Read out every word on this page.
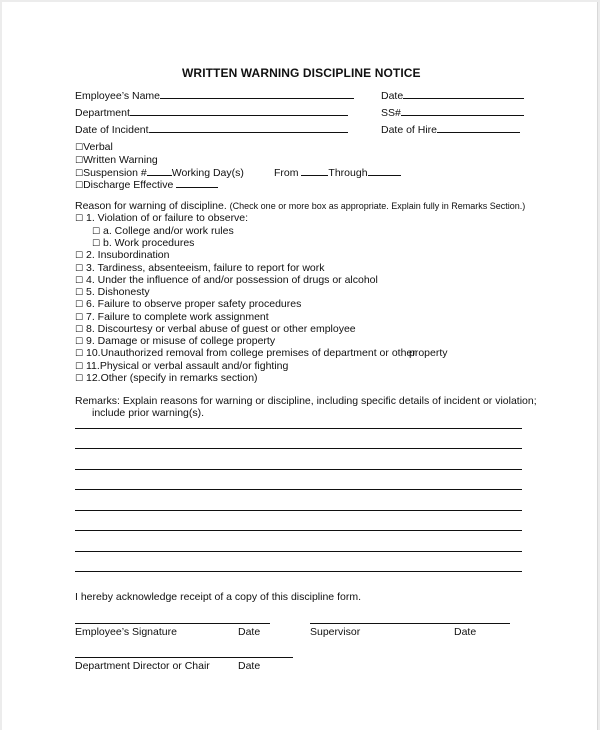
WRITTEN WARNING DISCIPLINE NOTICE
Employee’s Name	Date
Department	SS#
Date of Incident	Date of Hire
☐Verbal
☐Written Warning
☐Suspension # Working Day(s)	From	Through
☐Discharge Effective
Reason for warning of discipline. (Check one or more box as appropriate. Explain fully in Remarks Section.)
☐ 1. Violation of or failure to observe:
☐ a. College and/or work rules
☐ b. Work procedures
☐ 2. Insubordination
☐ 3. Tardiness, absenteeism, failure to report for work
☐ 4. Under the influence of and/or possession of drugs or alcohol
☐ 5. Dishonesty
☐ 6. Failure to observe proper safety procedures
☐ 7. Failure to complete work assignment
☐ 8. Discourtesy or verbal abuse of guest or other employee
☐ 9. Damage or misuse of college property
☐ 10.Unauthorized removal from college premises of department or other
property
☐ 11.Physical or verbal assault and/or fighting
☐ 12.Other (specify in remarks section)
Remarks: Explain reasons for warning or discipline, including specific details of incident or violation;
include prior warning(s).
I hereby acknowledge receipt of a copy of this discipline form.
Employee’s Signature	Date	Supervisor	Date
Department Director or Chair	Date
